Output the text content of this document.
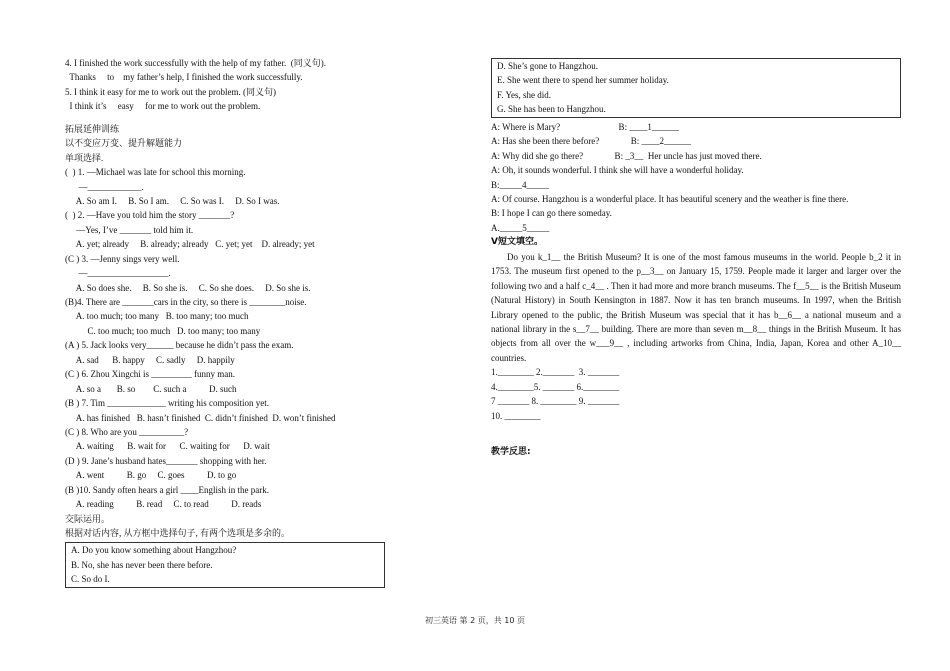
4. I finished the work successfully with the help of my father.  (同义句).
Thanks     to    my father’s help, I finished the work successfully.
5. I think it easy for me to work out the problem. (同义句)
I think it’s     easy     for me to work out the problem.
拓展延伸训练
以不变应万变、提升解题能力
单项选择.
(  ) 1. —Michael was late for school this morning.
—____________.
A. So am I.     B. So I am.     C. So was I.     D. So I was.
(  ) 2. —Have you told him the story _______?
—Yes, I’ve _______ told him it.
A. yet; already     B. already; already   C. yet; yet    D. already; yet
(C ) 3. —Jenny sings very well.
—__________________.
A. So does she.     B. So she is.     C. So she does.     D. So she is.
(B)4. There are _______cars in the city, so there is ________noise.
A. too much; too many   B. too many; too much
C. too much; too much   D. too many; too many
(A ) 5. Jack looks very______ because he didn’t pass the exam.
A. sad      B. happy     C. sadly     D. happily
(C ) 6. Zhou Xingchi is _________ funny man.
A. so a       B. so        C. such a          D. such
(B ) 7. Tim _____________ writing his composition yet.
A. has finished   B. hasn’t finished  C. didn’t finished  D. won’t finished
(C ) 8. Who are you __________?
A. waiting      B. wait for      C. waiting for      D. wait
(D ) 9. Jane’s husband hates_______ shopping with her.
A. went          B. go     C. goes          D. to go
(B )10. Sandy often hears a girl ____English in the park.
A. reading          B. read     C. to read          D. reads
交际运用。
根据对话内容, 从方框中选择句子, 有两个选项是多余的。
A. Do you know something about Hangzhou?
B. No, she has never been there before.
C. So do I.
D. She’s gone to Hangzhou.
E. She went there to spend her summer holiday.
F. Yes, she did.
G. She has been to Hangzhou.
A: Where is Mary?                          B: ____1______
A: Has she been there before?              B: ____2______
A: Why did she go there?              B: _3__  Her uncle has just moved there.
A: Oh, it sounds wonderful. I think she will have a wonderful holiday.
B:_____4_____
A: Of course. Hangzhou is a wonderful place. It has beautiful scenery and the weather is fine there.
B: I hope I can go there someday.
A._____5_____
V短文填空。
Do you k_1__ the British Museum? It is one of the most famous museums in the world. People b_2 it in 1753. The museum first opened to the p__3__ on January 15, 1759. People made it larger and larger over the following two and a half c_4__ . Then it had more and more branch museums. The f__5__ is the British Museum (Natural History) in South Kensington in 1887. Now it has ten branch museums. In 1997, when the British Library opened to the public, the British Museum was special that it has b__6__ a national museum and a national library in the s__7__ building. There are more than seven m__8__ things in the British Museum. It has objects from all over the w___9__ , including artworks from China, India, Japan, Korea and other A_10__ countries.
1.________ 2._______  3. _______
4.________5. _______ 6.________
7 _______ 8. ________ 9. _______
10. ________
教学反思:
初三英语 第 2 页，共 10 页
